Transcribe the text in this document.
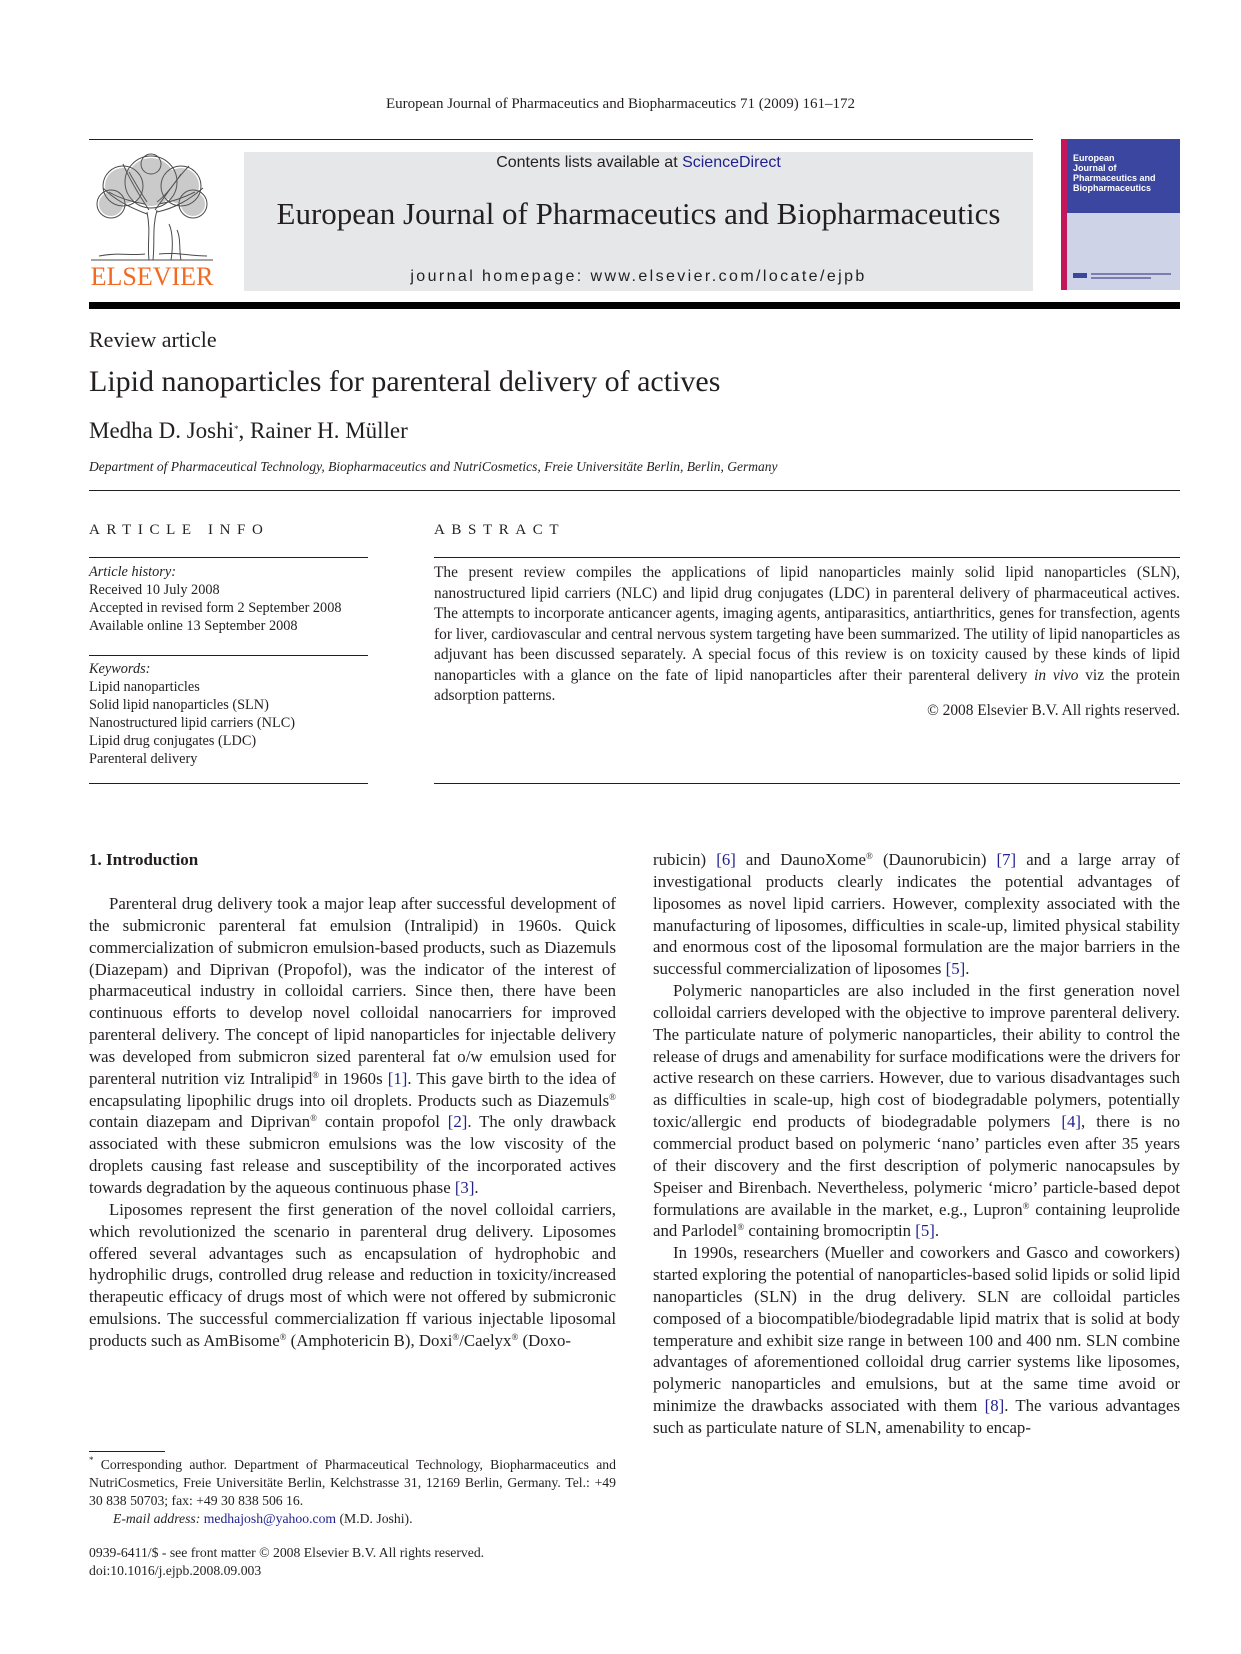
European Journal of Pharmaceutics and Biopharmaceutics 71 (2009) 161–172
ELSEVIER
Contents lists available at ScienceDirect
European Journal of Pharmaceutics and Biopharmaceutics
journal homepage: www.elsevier.com/locate/ejpb
European
Journal of
Pharmaceutics and
Biopharmaceutics
Review article
Lipid nanoparticles for parenteral delivery of actives
Medha D. Joshi*, Rainer H. Müller
Department of Pharmaceutical Technology, Biopharmaceutics and NutriCosmetics, Freie Universitäte Berlin, Berlin, Germany
ARTICLE INFO	ABSTRACT
Article history:
Received 10 July 2008
Accepted in revised form 2 September 2008
Available online 13 September 2008
Keywords:
Lipid nanoparticles
Solid lipid nanoparticles (SLN)
Nanostructured lipid carriers (NLC)
Lipid drug conjugates (LDC)
Parenteral delivery
The present review compiles the applications of lipid nanoparticles mainly solid lipid nanoparticles (SLN), nanostructured lipid carriers (NLC) and lipid drug conjugates (LDC) in parenteral delivery of pharmaceutical actives. The attempts to incorporate anticancer agents, imaging agents, antiparasitics, antiarthritics, genes for transfection, agents for liver, cardiovascular and central nervous system targeting have been summarized. The utility of lipid nanoparticles as adjuvant has been discussed separately. A special focus of this review is on toxicity caused by these kinds of lipid nanoparticles with a glance on the fate of lipid nanoparticles after their parenteral delivery in vivo viz the protein adsorption patterns.
© 2008 Elsevier B.V. All rights reserved.
1. Introduction

Parenteral drug delivery took a major leap after successful development of the submicronic parenteral fat emulsion (Intralipid) in 1960s. Quick commercialization of submicron emulsion-based products, such as Diazemuls (Diazepam) and Diprivan (Propofol), was the indicator of the interest of pharmaceutical industry in colloidal carriers. Since then, there have been continuous efforts to develop novel colloidal nanocarriers for improved parenteral delivery. The concept of lipid nanoparticles for injectable delivery was developed from submicron sized parenteral fat o/w emulsion used for parenteral nutrition viz Intralipid® in 1960s [1]. This gave birth to the idea of encapsulating lipophilic drugs into oil droplets. Products such as Diazemuls® contain diazepam and Diprivan® contain propofol [2]. The only drawback associated with these submicron emulsions was the low viscosity of the droplets causing fast release and susceptibility of the incorporated actives towards degradation by the aqueous continuous phase [3].

Liposomes represent the first generation of the novel colloidal carriers, which revolutionized the scenario in parenteral drug delivery. Liposomes offered several advantages such as encapsulation of hydrophobic and hydrophilic drugs, controlled drug release and reduction in toxicity/increased therapeutic efficacy of drugs most of which were not offered by submicronic emulsions. The successful commercialization ff various injectable liposomal products such as AmBisome® (Amphotericin B), Doxi®/Caelyx® (Doxo-

rubicin) [6] and DaunoXome® (Daunorubicin) [7] and a large array of investigational products clearly indicates the potential advantages of liposomes as novel lipid carriers. However, complexity associated with the manufacturing of liposomes, difficulties in scale-up, limited physical stability and enormous cost of the liposomal formulation are the major barriers in the successful commercialization of liposomes [5].

Polymeric nanoparticles are also included in the first generation novel colloidal carriers developed with the objective to improve parenteral delivery. The particulate nature of polymeric nanoparticles, their ability to control the release of drugs and amenability for surface modifications were the drivers for active research on these carriers. However, due to various disadvantages such as difficulties in scale-up, high cost of biodegradable polymers, potentially toxic/allergic end products of biodegradable polymers [4], there is no commercial product based on polymeric ‘nano’ particles even after 35 years of their discovery and the first description of polymeric nanocapsules by Speiser and Birenbach. Nevertheless, polymeric ‘micro’ particle-based depot formulations are available in the market, e.g., Lupron® containing leuprolide and Parlodel® containing bromocriptin [5].

In 1990s, researchers (Mueller and coworkers and Gasco and coworkers) started exploring the potential of nanoparticles-based solid lipids or solid lipid nanoparticles (SLN) in the drug delivery. SLN are colloidal particles composed of a biocompatible/biodegradable lipid matrix that is solid at body temperature and exhibit size range in between 100 and 400 nm. SLN combine advantages of aforementioned colloidal drug carrier systems like liposomes, polymeric nanoparticles and emulsions, but at the same time avoid or minimize the drawbacks associated with them [8]. The various advantages such as particulate nature of SLN, amenability to encap-

* Corresponding author. Department of Pharmaceutical Technology, Biopharmaceutics and NutriCosmetics, Freie Universitäte Berlin, Kelchstrasse 31, 12169 Berlin, Germany. Tel.: +49 30 838 50703; fax: +49 30 838 506 16.
E-mail address: medhajosh@yahoo.com (M.D. Joshi).
0939-6411/$ - see front matter © 2008 Elsevier B.V. All rights reserved.
doi:10.1016/j.ejpb.2008.09.003
